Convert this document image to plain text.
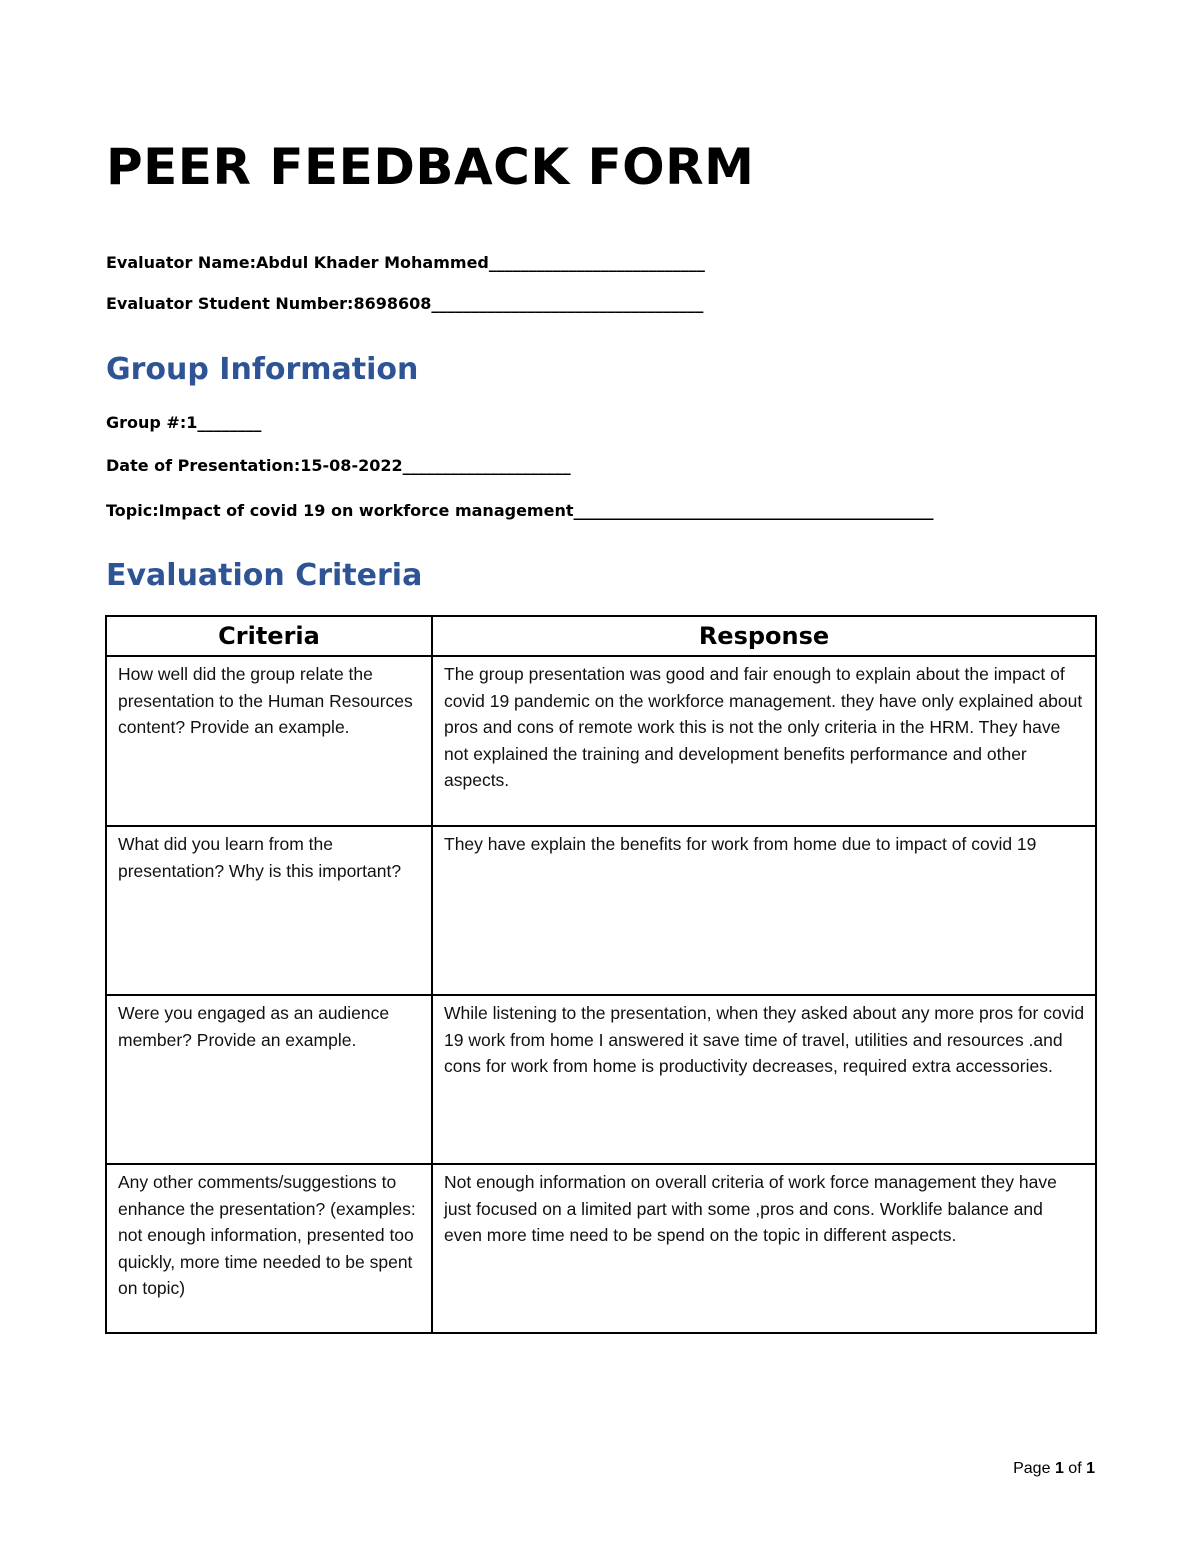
PEER FEEDBACK FORM

Evaluator Name:Abdul Khader Mohammed___________________________

Evaluator Student Number:8698608__________________________________

Group Information

Group #:1________

Date of Presentation:15-08-2022_____________________

Topic:Impact of covid 19 on workforce management_____________________________________________

Evaluation Criteria
Criteria	Response
How well did the group relate the presentation to the Human Resources content? Provide an example.	The group presentation was good and fair enough to explain about the impact of covid 19 pandemic on the workforce management. they have only explained about pros and cons of remote work this is not the only criteria in the HRM. They have not explained the training and development benefits performance and other aspects.
What did you learn from the presentation? Why is this important?	They have explain the benefits for work from home due to impact of covid 19
Were you engaged as an audience member? Provide an example.	While listening to the presentation, when they asked about any more pros for covid 19 work from home I answered it save time of travel, utilities and resources .and cons for work from home is productivity decreases, required extra accessories.
Any other comments/suggestions to enhance the presentation? (examples: not enough information, presented too quickly, more time needed to be spent on topic)	Not enough information on overall criteria of work force management they have just focused on a limited part with some ,pros and cons. Worklife balance and even more time need to be spend on the topic in different aspects.
Page 1 of 1
